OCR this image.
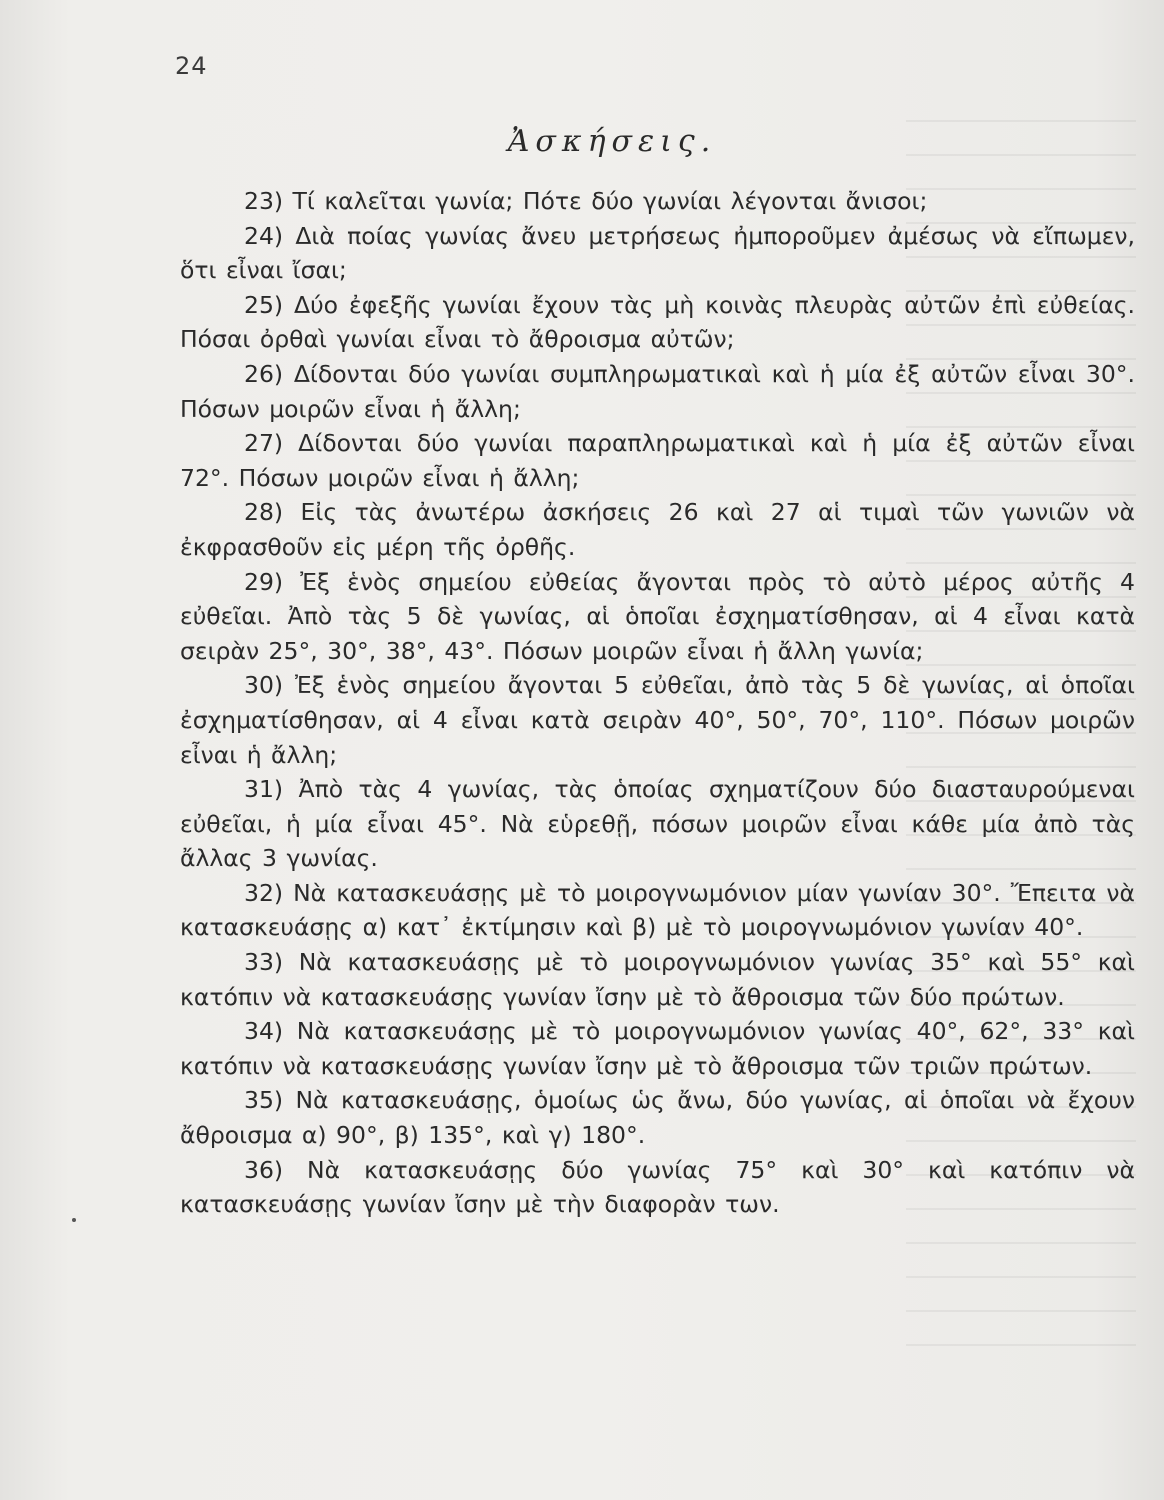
24
Ἀσκήσεις.

23) Τί καλεῖται γωνία; Πότε δύο γωνίαι λέγονται ἄνισοι;

24) Διὰ ποίας γωνίας ἄνευ μετρήσεως ἠμποροῦμεν ἀμέσως νὰ εἴπωμεν, ὅτι εἶναι ἴσαι;

25) Δύο ἐφεξῆς γωνίαι ἔχουν τὰς μὴ κοινὰς πλευρὰς αὐτῶν ἐπὶ εὐθείας. Πόσαι ὀρθαὶ γωνίαι εἶναι τὸ ἄθροισμα αὐτῶν;

26) Δίδονται δύο γωνίαι συμπληρωματικαὶ καὶ ἡ μία ἐξ αὐτῶν εἶναι 30°. Πόσων μοιρῶν εἶναι ἡ ἄλλη;

27) Δίδονται δύο γωνίαι παραπληρωματικαὶ καὶ ἡ μία ἐξ αὐτῶν εἶναι 72°. Πόσων μοιρῶν εἶναι ἡ ἄλλη;

28) Εἰς τὰς ἀνωτέρω ἀσκήσεις 26 καὶ 27 αἱ τιμαὶ τῶν γωνιῶν νὰ ἐκφρασθοῦν εἰς μέρη τῆς ὀρθῆς.

29) Ἐξ ἑνὸς σημείου εὐθείας ἄγονται πρὸς τὸ αὐτὸ μέρος αὐτῆς 4 εὐθεῖαι. Ἀπὸ τὰς 5 δὲ γωνίας, αἱ ὁποῖαι ἐσχηματίσθησαν, αἱ 4 εἶναι κατὰ σειρὰν 25°, 30°, 38°, 43°. Πόσων μοιρῶν εἶναι ἡ ἄλλη γωνία;

30) Ἐξ ἑνὸς σημείου ἄγονται 5 εὐθεῖαι, ἀπὸ τὰς 5 δὲ γωνίας, αἱ ὁποῖαι ἐσχηματίσθησαν, αἱ 4 εἶναι κατὰ σειρὰν 40°, 50°, 70°, 110°. Πόσων μοιρῶν εἶναι ἡ ἄλλη;

31) Ἀπὸ τὰς 4 γωνίας, τὰς ὁποίας σχηματίζουν δύο διασταυρούμεναι εὐθεῖαι, ἡ μία εἶναι 45°. Νὰ εὑρεθῇ, πόσων μοιρῶν εἶναι κάθε μία ἀπὸ τὰς ἄλλας 3 γωνίας.

32) Νὰ κατασκευάσῃς μὲ τὸ μοιρογνωμόνιον μίαν γωνίαν 30°. Ἔπειτα νὰ κατασκευάσῃς α) κατ᾽ ἐκτίμησιν καὶ β) μὲ τὸ μοιρογνωμόνιον γωνίαν 40°.

33) Νὰ κατασκευάσῃς μὲ τὸ μοιρογνωμόνιον γωνίας 35° καὶ 55° καὶ κατόπιν νὰ κατασκευάσῃς γωνίαν ἴσην μὲ τὸ ἄθροισμα τῶν δύο πρώτων.

34) Νὰ κατασκευάσῃς μὲ τὸ μοιρογνωμόνιον γωνίας 40°, 62°, 33° καὶ κατόπιν νὰ κατασκευάσῃς γωνίαν ἴσην μὲ τὸ ἄθροισμα τῶν τριῶν πρώτων.

35) Νὰ κατασκευάσῃς, ὁμοίως ὡς ἄνω, δύο γωνίας, αἱ ὁποῖαι νὰ ἔχουν ἄθροισμα α) 90°, β) 135°, καὶ γ) 180°.

36) Νὰ κατασκευάσῃς δύο γωνίας 75° καὶ 30° καὶ κατόπιν νὰ κατασκευάσῃς γωνίαν ἴσην μὲ τὴν διαφορὰν των.
